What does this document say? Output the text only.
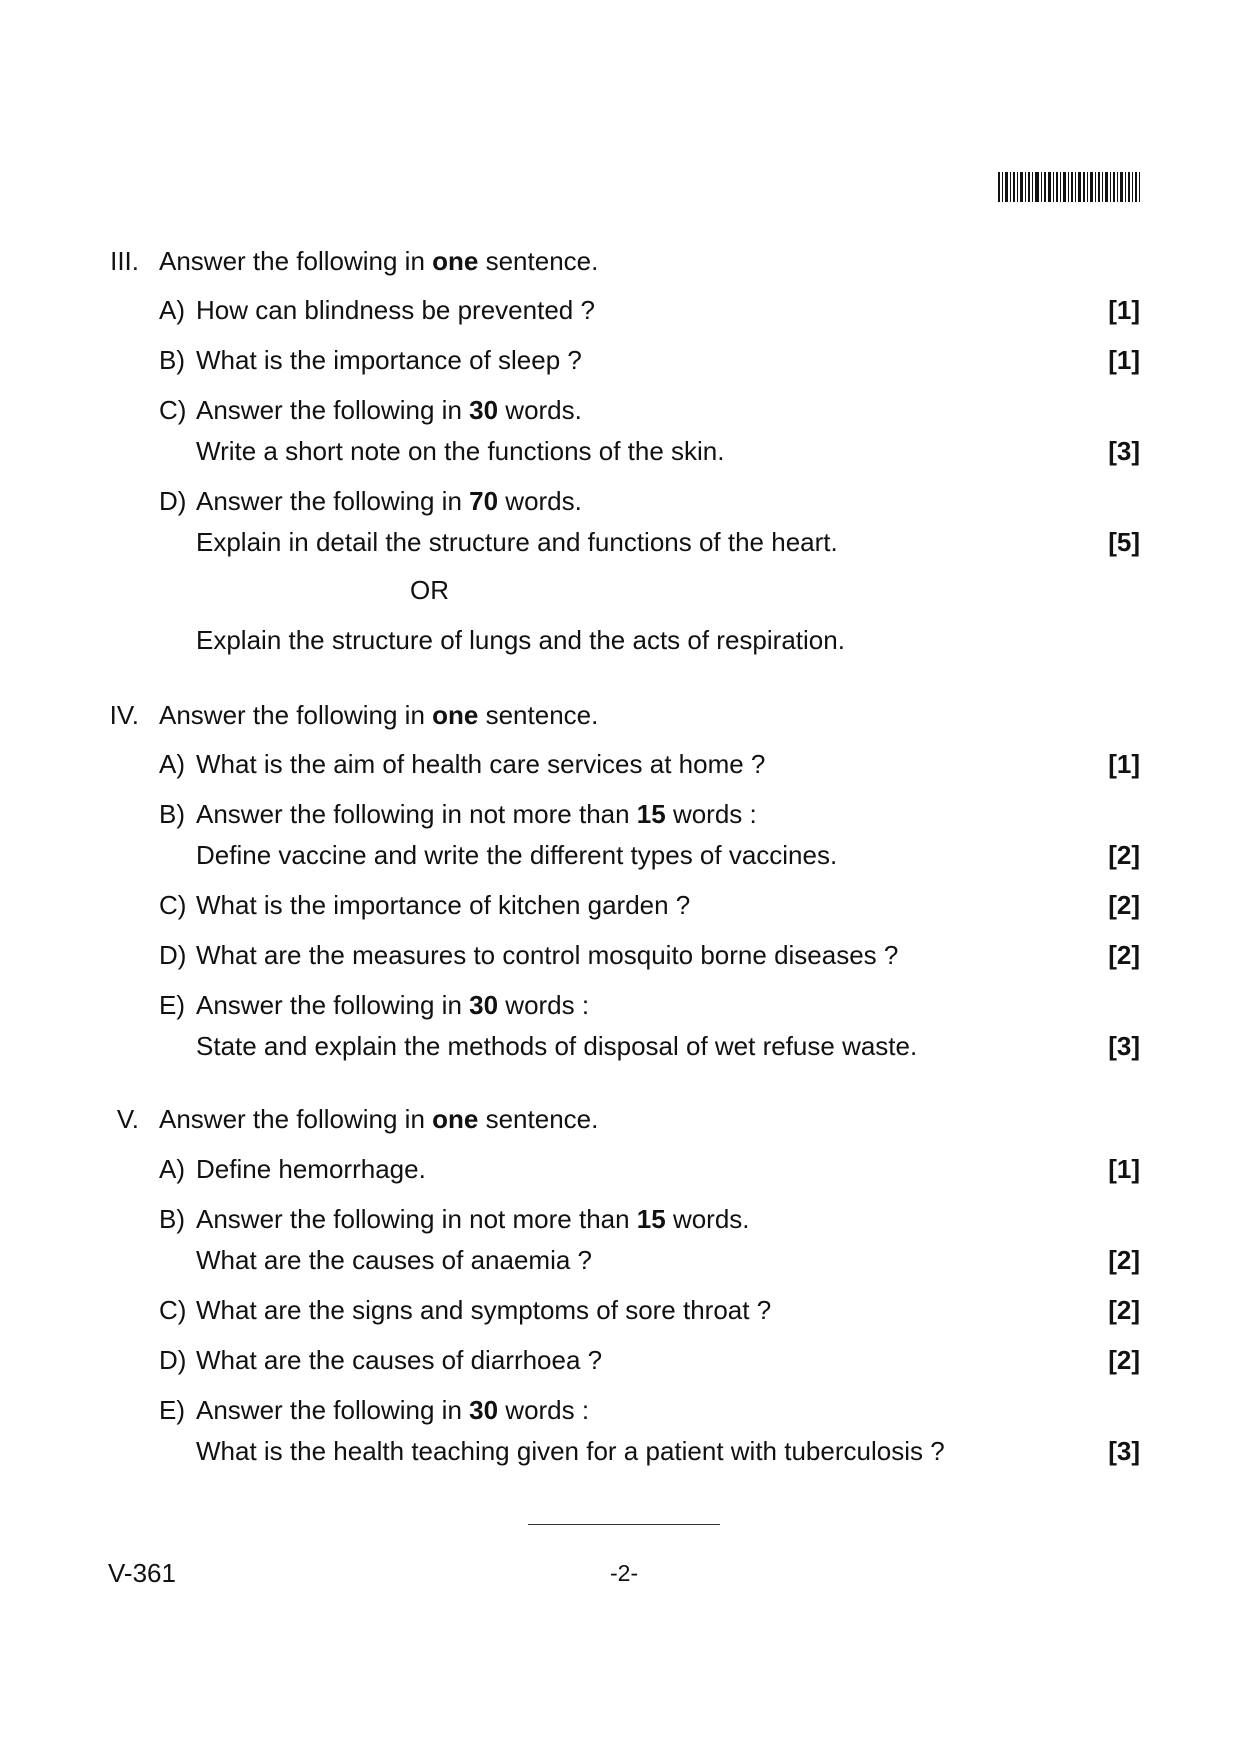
III. Answer the following in one sentence.
A) How can blindness be prevented ?	[1]
B) What is the importance of sleep ?	[1]
C) Answer the following in 30 words.
Write a short note on the functions of the skin.	[3]
D) Answer the following in 70 words.
Explain in detail the structure and functions of the heart.	[5]
OR
Explain the structure of lungs and the acts of respiration.
IV. Answer the following in one sentence.
A) What is the aim of health care services at home ?	[1]
B) Answer the following in not more than 15 words :
Define vaccine and write the different types of vaccines.	[2]
C) What is the importance of kitchen garden ?	[2]
D) What are the measures to control mosquito borne diseases ?	[2]
E) Answer the following in 30 words :
State and explain the methods of disposal of wet refuse waste.	[3]
V. Answer the following in one sentence.
A) Define hemorrhage.	[1]
B) Answer the following in not more than 15 words.
What are the causes of anaemia ?	[2]
C) What are the signs and symptoms of sore throat ?	[2]
D) What are the causes of diarrhoea ?	[2]
E) Answer the following in 30 words :
What is the health teaching given for a patient with tuberculosis ?	[3]
V-361	-2-
